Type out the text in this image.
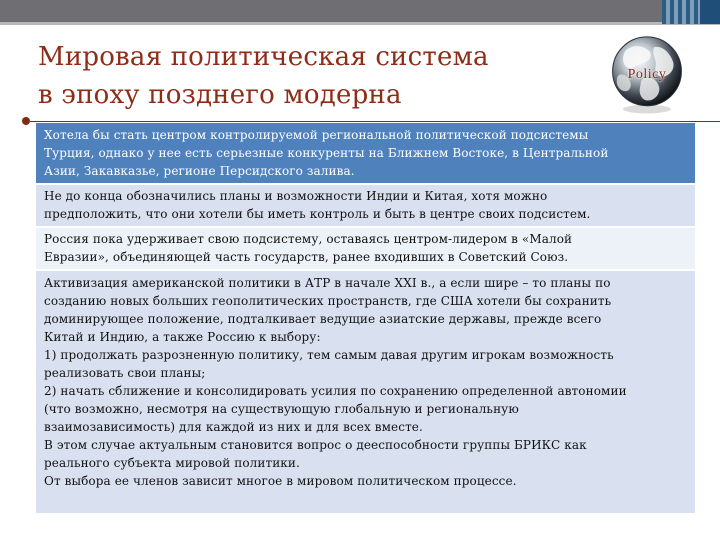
Мировая политическая система
в эпоху позднего модерна
Policy
Хотела бы стать центром контролируемой региональной политической подсистемы
Турция, однако у нее есть серьезные конкуренты на Ближнем Востоке, в Центральной
Азии, Закавказье, регионе Персидского залива.
Не до конца обозначились планы и возможности Индии и Китая, хотя можно
предположить, что они хотели бы иметь контроль и быть в центре своих подсистем.
Россия пока удерживает свою подсистему, оставаясь центром-лидером в «Малой
Евразии», объединяющей часть государств, ранее входивших в Советский Союз.
Активизация американской политики в АТР в начале XXI в., а если шире – то планы по
созданию новых больших геополитических пространств, где США хотели бы сохранить
доминирующее положение, подталкивает ведущие азиатские державы, прежде всего
Китай и Индию, а также Россию к выбору:
1) продолжать разрозненную политику, тем самым давая другим игрокам возможность
реализовать свои планы;
2) начать сближение и консолидировать усилия по сохранению определенной автономии
(что возможно, несмотря на существующую глобальную и региональную
взаимозависимость) для каждой из них и для всех вместе.
В этом случае актуальным становится вопрос о дееспособности группы БРИКС как
реального субъекта мировой политики.
От выбора ее членов зависит многое в мировом политическом процессе.
